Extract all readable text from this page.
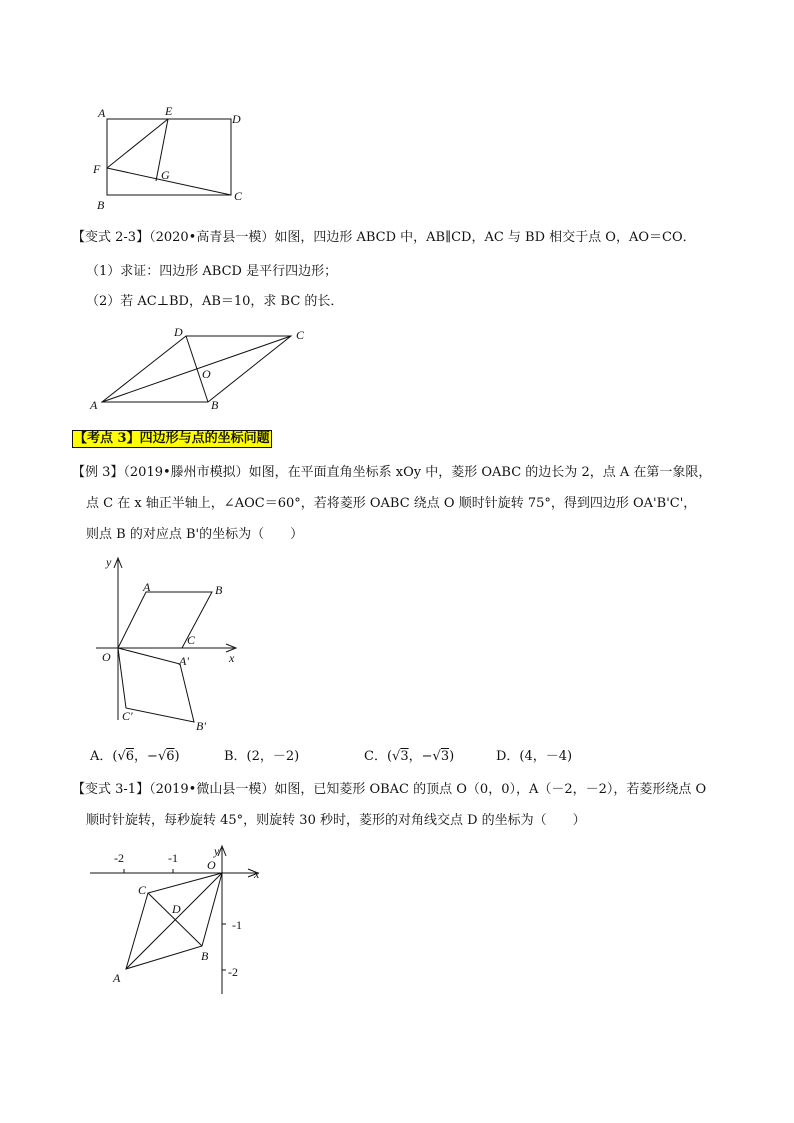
A	E
D
F	G
C
B
【变式 2-3】（2020•高青县一模）如图，四边形 ABCD 中，AB∥CD，AC 与 BD 相交于点 O，AO＝CO．
（1）求证：四边形 ABCD 是平行四边形；
（2）若 AC⊥BD，AB＝10，求 BC 的长．
D	C
O
A	B
【考点 3】四边形与点的坐标问题
【例 3】（2019•滕州市模拟）如图，在平面直角坐标系 xOy 中，菱形 OABC 的边长为 2，点 A 在第一象限，
点 C 在 x 轴正半轴上，∠AOC＝60°，若将菱形 OABC 绕点 O 顺时针旋转 75°，得到四边形 OA'B'C'，
则点 B 的对应点 B'的坐标为（　　）
y
A	B
O
C
x
A'
C'
B'
A．(√6，−√6)	B．(2，－2)	C．(√3，−√3)	D．(4，－4)
【变式 3-1】（2019•微山县一模）如图，已知菱形 OBAC 的顶点 O（0，0），A（－2，－2），若菱形绕点 O
顺时针旋转，每秒旋转 45°，则旋转 30 秒时，菱形的对角线交点 D 的坐标为（　　）
-2	-1
-1
-2
y
x
O
C
D
B
A
